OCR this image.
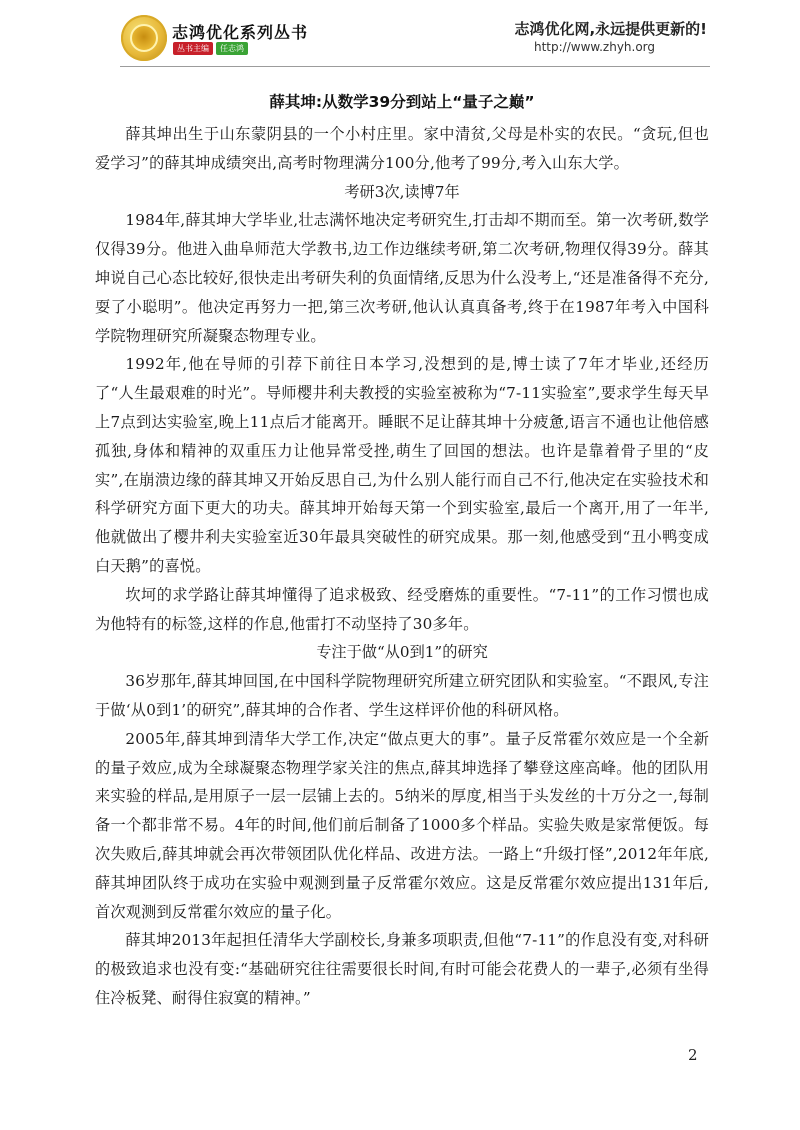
志鸿优化系列丛书
丛书主编	任志鸿
志鸿优化网,永远提供更新的!
http://www.zhyh.org
薛其坤:从数学39分到站上“量子之巅”

薛其坤出生于山东蒙阴县的一个小村庄里。家中清贫,父母是朴实的农民。“贪玩,但也爱学习”的薛其坤成绩突出,高考时物理满分100分,他考了99分,考入山东大学。

考研3次,读博7年

1984年,薛其坤大学毕业,壮志满怀地决定考研究生,打击却不期而至。第一次考研,数学仅得39分。他进入曲阜师范大学教书,边工作边继续考研,第二次考研,物理仅得39分。薛其坤说自己心态比较好,很快走出考研失利的负面情绪,反思为什么没考上,“还是准备得不充分,耍了小聪明”。他决定再努力一把,第三次考研,他认认真真备考,终于在1987年考入中国科学院物理研究所凝聚态物理专业。

1992年,他在导师的引荐下前往日本学习,没想到的是,博士读了7年才毕业,还经历了“人生最艰难的时光”。导师樱井利夫教授的实验室被称为“7-11实验室”,要求学生每天早上7点到达实验室,晚上11点后才能离开。睡眠不足让薛其坤十分疲惫,语言不通也让他倍感孤独,身体和精神的双重压力让他异常受挫,萌生了回国的想法。也许是靠着骨子里的“皮实”,在崩溃边缘的薛其坤又开始反思自己,为什么别人能行而自己不行,他决定在实验技术和科学研究方面下更大的功夫。薛其坤开始每天第一个到实验室,最后一个离开,用了一年半,他就做出了樱井利夫实验室近30年最具突破性的研究成果。那一刻,他感受到“丑小鸭变成白天鹅”的喜悦。

坎坷的求学路让薛其坤懂得了追求极致、经受磨炼的重要性。“7-11”的工作习惯也成为他特有的标签,这样的作息,他雷打不动坚持了30多年。

专注于做“从0到1”的研究

36岁那年,薛其坤回国,在中国科学院物理研究所建立研究团队和实验室。“不跟风,专注于做‘从0到1’的研究”,薛其坤的合作者、学生这样评价他的科研风格。

2005年,薛其坤到清华大学工作,决定“做点更大的事”。量子反常霍尔效应是一个全新的量子效应,成为全球凝聚态物理学家关注的焦点,薛其坤选择了攀登这座高峰。他的团队用来实验的样品,是用原子一层一层铺上去的。5纳米的厚度,相当于头发丝的十万分之一,每制备一个都非常不易。4年的时间,他们前后制备了1000多个样品。实验失败是家常便饭。每次失败后,薛其坤就会再次带领团队优化样品、改进方法。一路上“升级打怪”,2012年年底,薛其坤团队终于成功在实验中观测到量子反常霍尔效应。这是反常霍尔效应提出131年后,首次观测到反常霍尔效应的量子化。

薛其坤2013年起担任清华大学副校长,身兼多项职责,但他“7-11”的作息没有变,对科研的极致追求也没有变:“基础研究往往需要很长时间,有时可能会花费人的一辈子,必须有坐得住冷板凳、耐得住寂寞的精神。”

2
